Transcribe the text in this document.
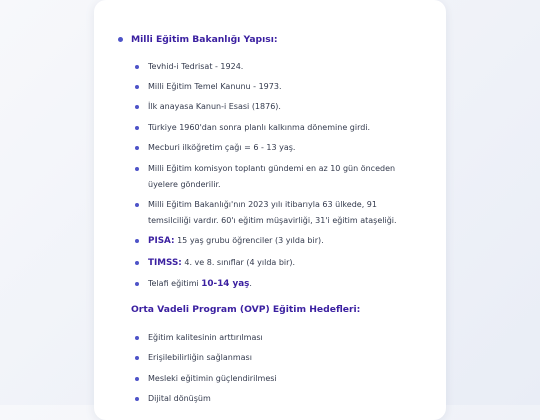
Milli Eğitim Bakanlığı Yapısı:
Tevhid-i Tedrisat - 1924.
Milli Eğitim Temel Kanunu - 1973.
İlk anayasa Kanun-i Esasi (1876).
Türkiye 1960'dan sonra planlı kalkınma dönemine girdi.
Mecburi ilköğretim çağı = 6 - 13 yaş.
Milli Eğitim komisyon toplantı gündemi en az 10 gün önceden üyelere gönderilir.
Milli Eğitim Bakanlığı'nın 2023 yılı itibarıyla 63 ülkede, 91 temsilciliği vardır. 60'ı eğitim müşavirliği, 31'i eğitim ataşeliği.
PISA: 15 yaş grubu öğrenciler (3 yılda bir).
TIMSS: 4. ve 8. sınıflar (4 yılda bir).
Telafi eğitimi 10-14 yaş.
Orta Vadeli Program (OVP) Eğitim Hedefleri:
Eğitim kalitesinin arttırılması
Erişilebilirliğin sağlanması
Mesleki eğitimin güçlendirilmesi
Dijital dönüşüm
